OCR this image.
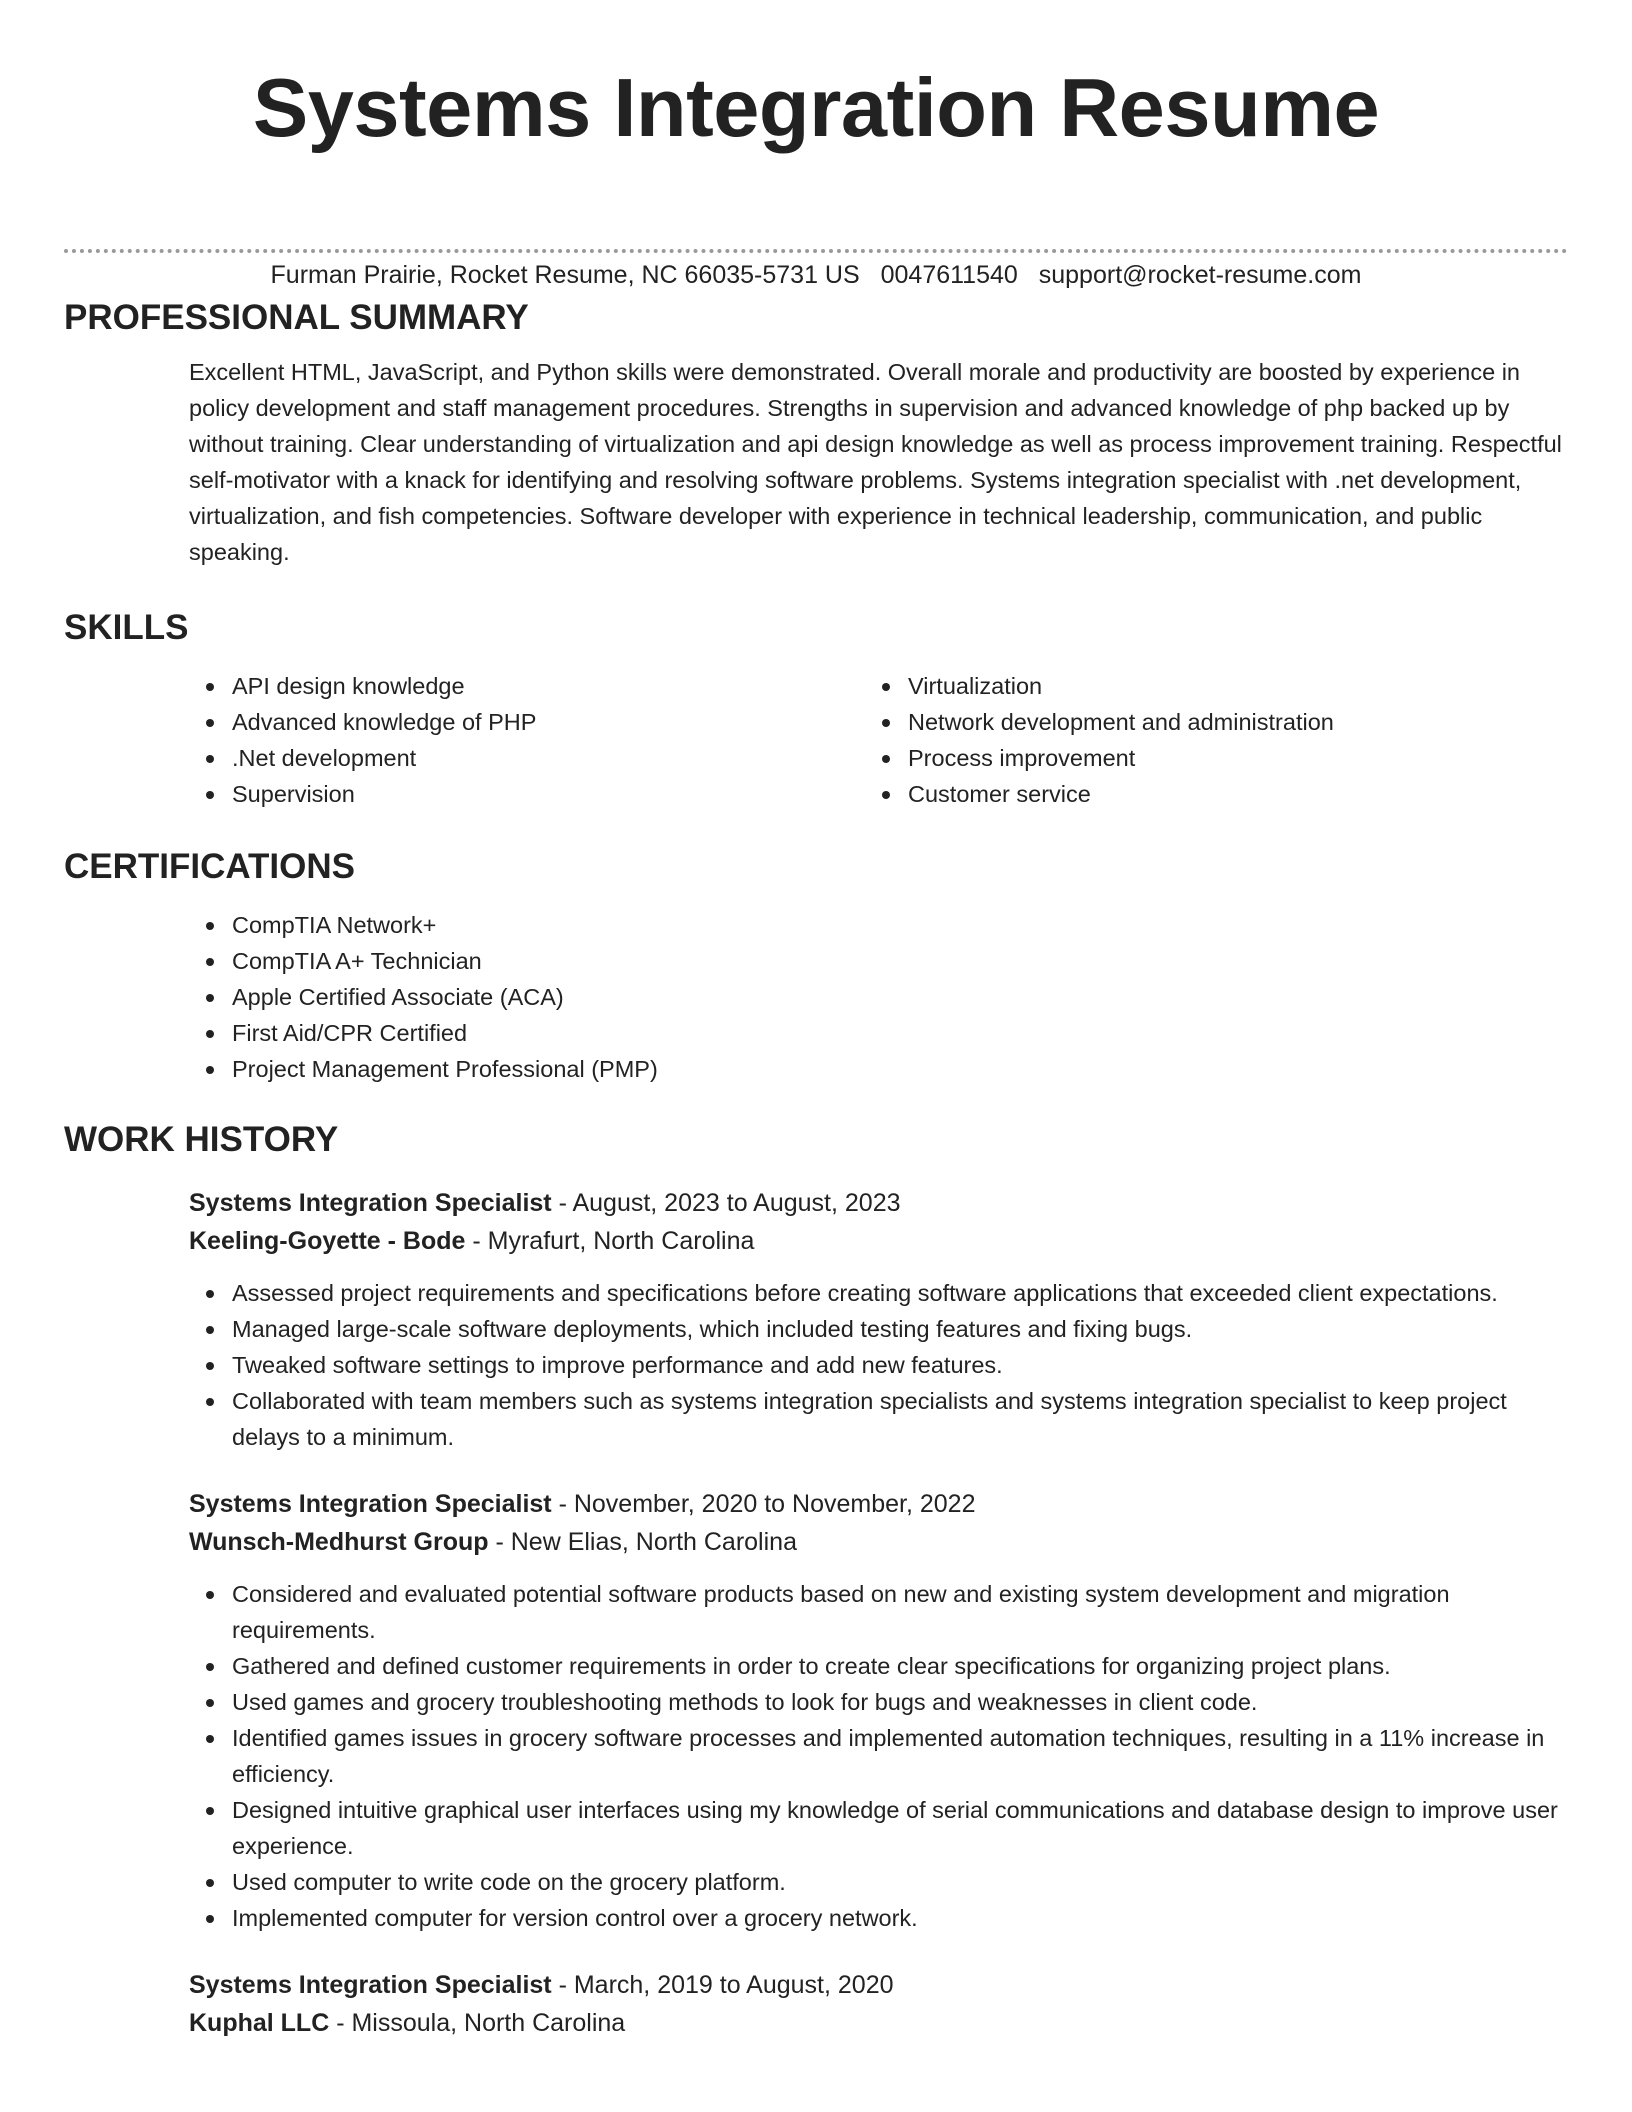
Systems Integration Resume
Furman Prairie, Rocket Resume, NC 66035-5731 US 0047611540 support@rocket-resume.com
PROFESSIONAL SUMMARY

Excellent HTML, JavaScript, and Python skills were demonstrated. Overall morale and productivity are boosted by experience in policy development and staff management procedures. Strengths in supervision and advanced knowledge of php backed up by without training. Clear understanding of virtualization and api design knowledge as well as process improvement training. Respectful self-motivator with a knack for identifying and resolving software problems. Systems integration specialist with .net development, virtualization, and fish competencies. Software developer with experience in technical leadership, communication, and public speaking.

SKILLS
API design knowledge
Advanced knowledge of PHP
.Net development
Supervision
Virtualization
Network development and administration
Process improvement
Customer service
CERTIFICATIONS
CompTIA Network+
CompTIA A+ Technician
Apple Certified Associate (ACA)
First Aid/CPR Certified
Project Management Professional (PMP)
WORK HISTORY
Systems Integration Specialist - August, 2023 to August, 2023
Keeling-Goyette - Bode - Myrafurt, North Carolina
Assessed project requirements and specifications before creating software applications that exceeded client expectations.
Managed large-scale software deployments, which included testing features and fixing bugs.
Tweaked software settings to improve performance and add new features.
Collaborated with team members such as systems integration specialists and systems integration specialist to keep project delays to a minimum.
Systems Integration Specialist - November, 2020 to November, 2022
Wunsch-Medhurst Group - New Elias, North Carolina
Considered and evaluated potential software products based on new and existing system development and migration requirements.
Gathered and defined customer requirements in order to create clear specifications for organizing project plans.
Used games and grocery troubleshooting methods to look for bugs and weaknesses in client code.
Identified games issues in grocery software processes and implemented automation techniques, resulting in a 11% increase in efficiency.
Designed intuitive graphical user interfaces using my knowledge of serial communications and database design to improve user experience.
Used computer to write code on the grocery platform.
Implemented computer for version control over a grocery network.
Systems Integration Specialist - March, 2019 to August, 2020
Kuphal LLC - Missoula, North Carolina
